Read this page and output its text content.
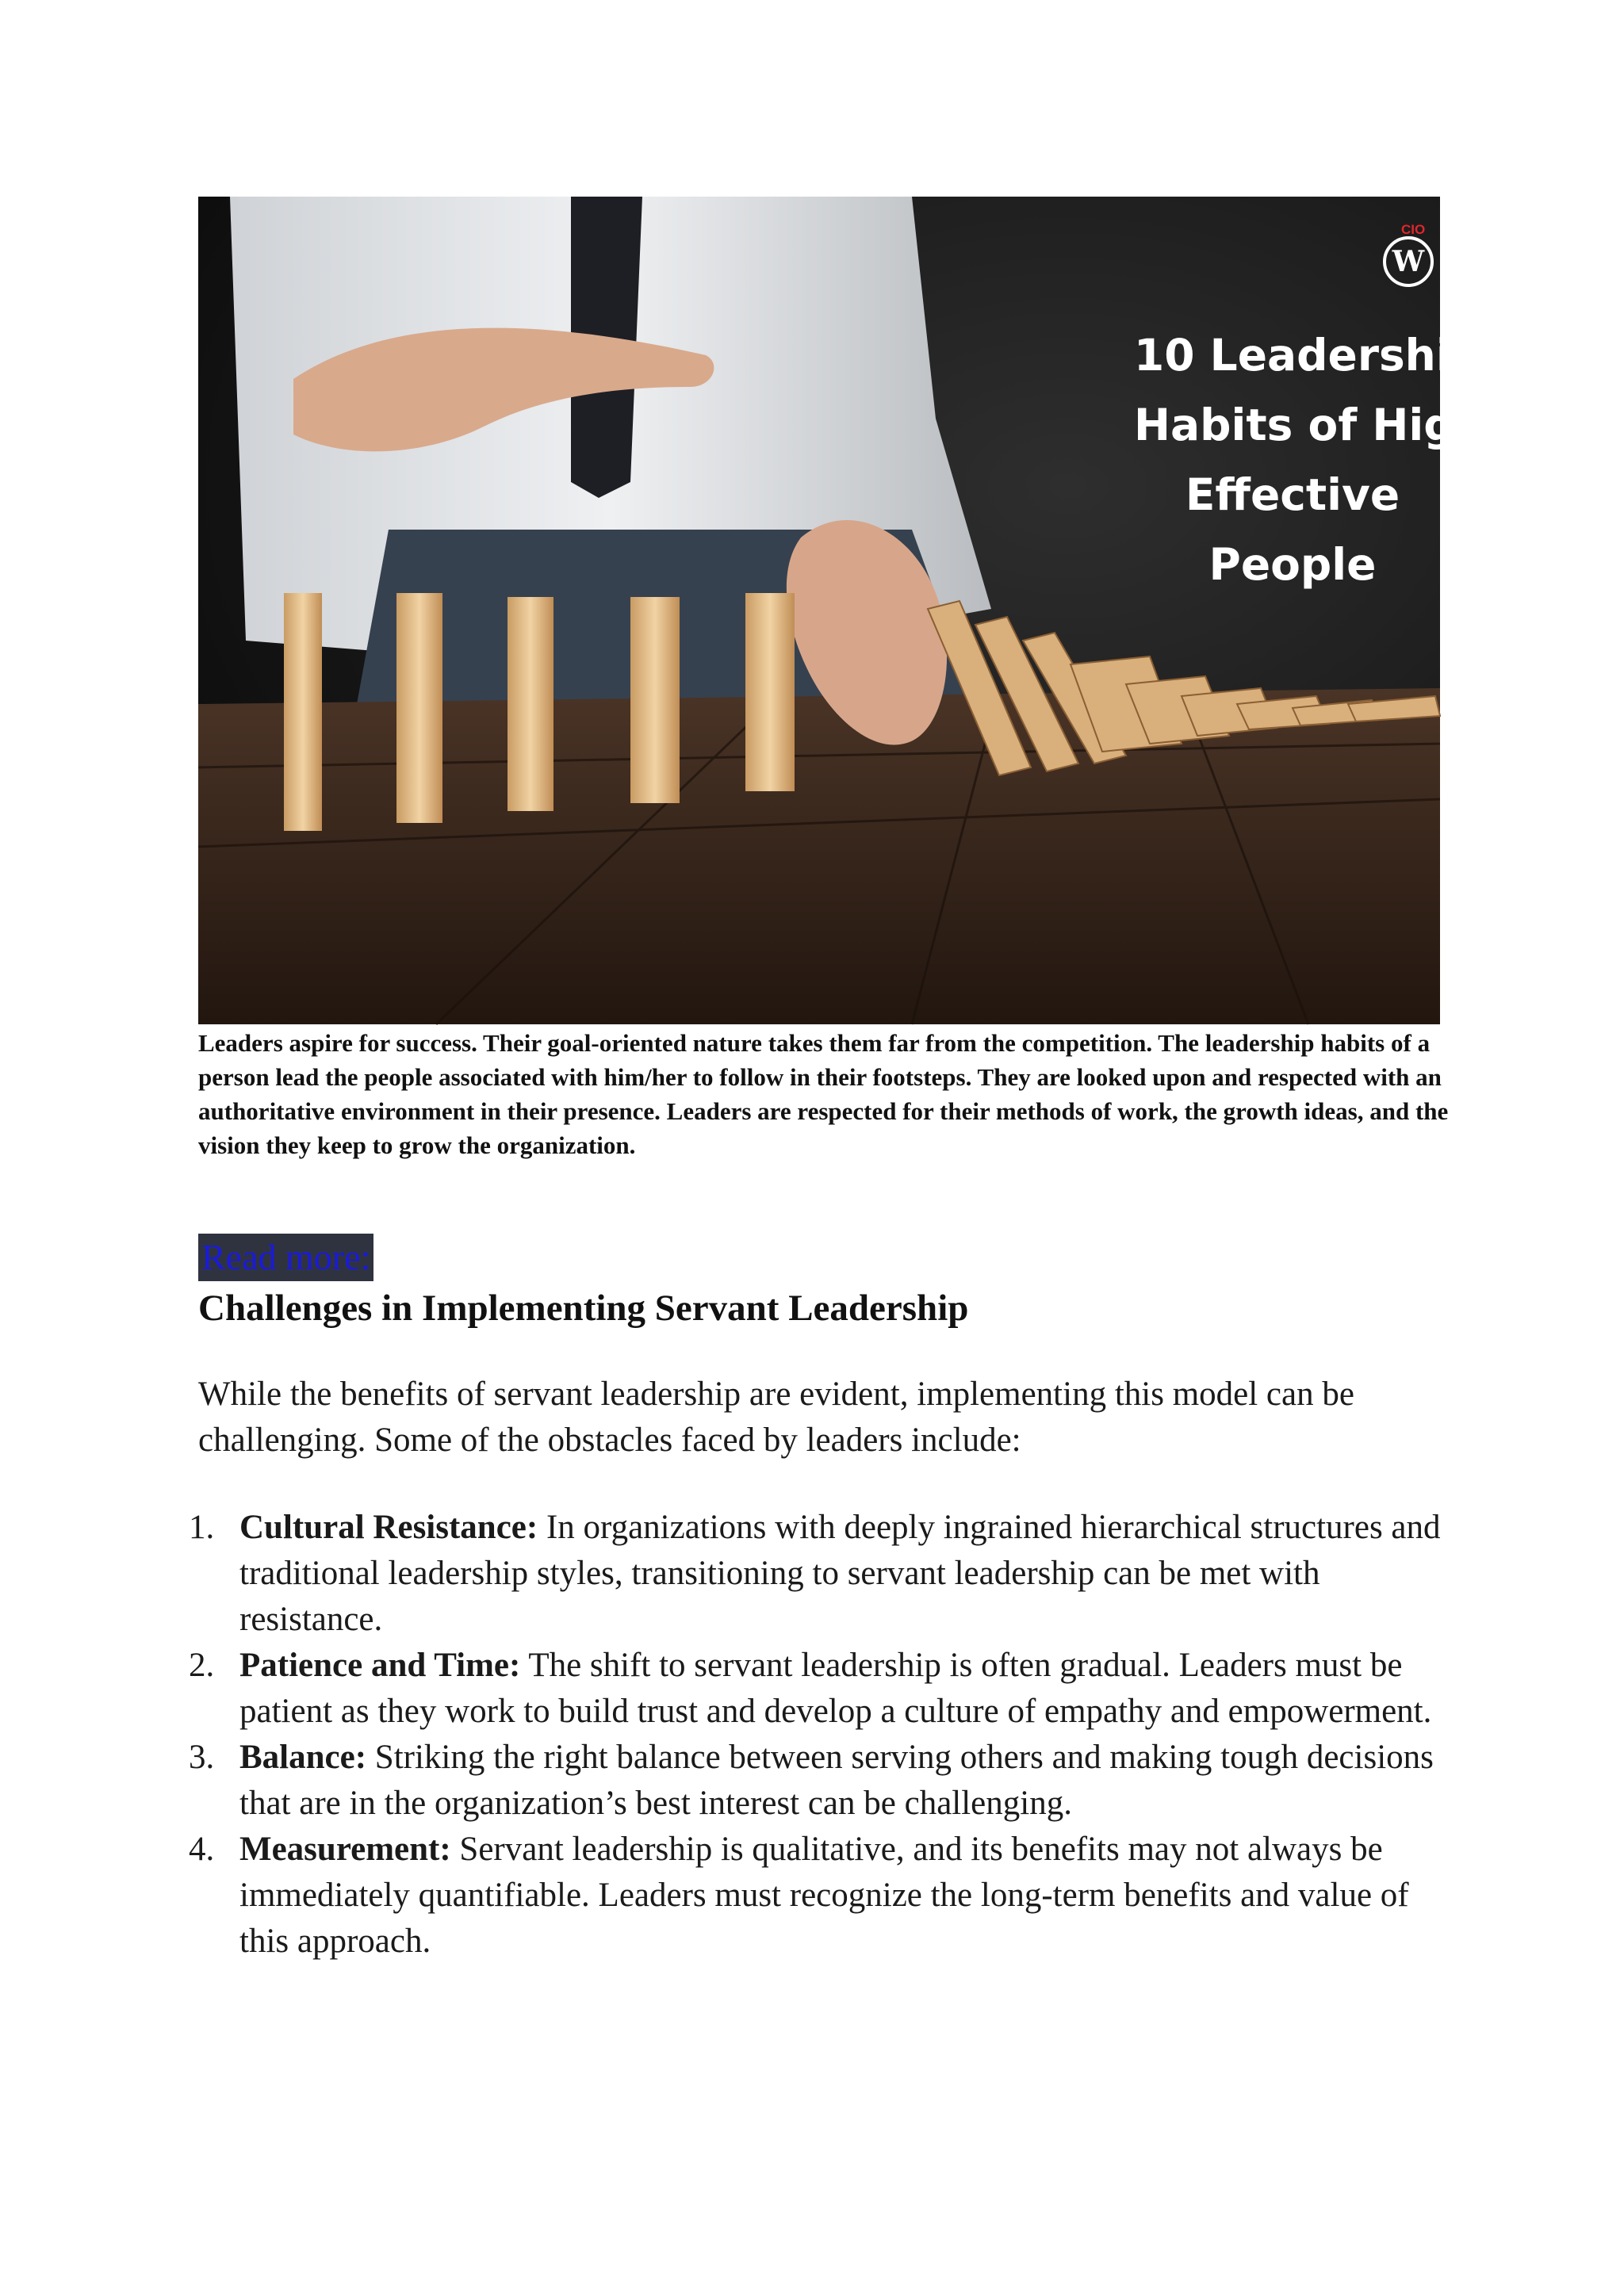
CIO
W
10 Leadership
Habits of Highly
Effective
People

Leaders aspire for success. Their goal-oriented nature takes them far from the competition. The leadership habits of a person lead the people associated with him/her to follow in their footsteps. They are looked upon and respected with an authoritative environment in their presence. Leaders are respected for their methods of work, the growth ideas, and the vision they keep to grow the organization.

Read more:
Challenges in Implementing Servant Leadership

While the benefits of servant leadership are evident, implementing this model can be challenging. Some of the obstacles faced by leaders include:

1. Cultural Resistance: In organizations with deeply ingrained hierarchical structures and traditional leadership styles, transitioning to servant leadership can be met with resistance.
2. Patience and Time: The shift to servant leadership is often gradual. Leaders must be patient as they work to build trust and develop a culture of empathy and empowerment.
3. Balance: Striking the right balance between serving others and making tough decisions that are in the organization’s best interest can be challenging.
4. Measurement: Servant leadership is qualitative, and its benefits may not always be immediately quantifiable. Leaders must recognize the long-term benefits and value of this approach.
